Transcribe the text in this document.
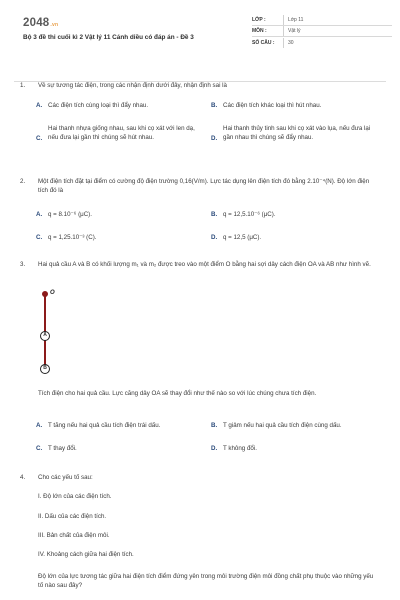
2048.vn
Bộ 3 đề thi cuối kì 2 Vật lý 11 Cánh diều có đáp án - Đề 3
LỚP :	Lớp 11
MÔN :	Vật lý
SỐ CÂU :	30
1. Về sự tương tác điện, trong các nhận định dưới đây, nhận định sai là
A. Các điện tích cùng loại thì đẩy nhau.	B. Các điện tích khác loại thì hút nhau.
C.
Hai thanh nhựa giống nhau, sau khi cọ xát với len dạ, nếu đưa lại gần thì chúng sẽ hút nhau.	D.
Hai thanh thủy tinh sau khi cọ xát vào lụa, nếu đưa lại gần nhau thì chúng sẽ đẩy nhau.
2. Một điện tích đặt tại điểm có cường độ điện trường 0,16(V/m). Lực tác dụng lên điện tích đó bằng 2.10⁻⁴(N). Độ lớn điện tích đó là
A. q = 8.10⁻⁶ (μC).	B. q = 12,5.10⁻⁶ (μC).
C. q = 1,25.10⁻³ (C).	D. q = 12,5 (μC).
3. Hai quả cầu A và B có khối lượng m₁ và m₂ được treo vào một điểm O bằng hai sợi dây cách điện OA và AB như hình vẽ.
O
A
B
Tích điện cho hai quả cầu. Lực căng dây OA sẽ thay đổi như thế nào so với lúc chúng chưa tích điện.
A. T tăng nếu hai quả cầu tích điện trái dấu.	B. T giảm nếu hai quả cầu tích điện cùng dấu.
C. T thay đổi.	D. T không đổi.
4. Cho các yếu tố sau:
I. Độ lớn của các điện tích.
II. Dấu của các điện tích.
III. Bản chất của điện môi.
IV. Khoảng cách giữa hai điện tích.
Độ lớn của lực tương tác giữa hai điện tích điểm đứng yên trong môi trường điện môi đồng chất phụ thuộc vào những yếu tố nào sau đây?
